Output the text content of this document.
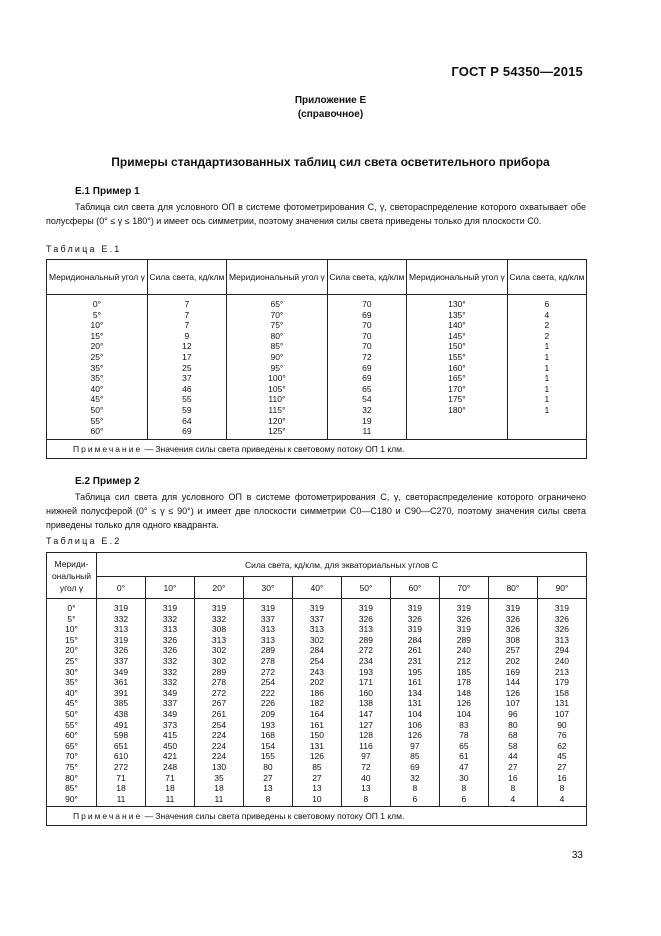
ГОСТ Р 54350—2015
Приложение Е
(справочное)
Примеры стандартизованных таблиц сил света осветительного прибора
Е.1 Пример 1
Таблица сил света для условного ОП в системе фотометрирования C, γ, светораспределение которого охватывает обе полусферы (0° ≤ γ ≤ 180°) и имеет ось симметрии, поэтому значения силы света приведены только для плоскости C0.
Таблица Е.1
Меридиональный угол γ	Сила света, кд/клм	Меридиональный угол γ	Сила света, кд/клм	Меридиональный угол γ	Сила света, кд/клм
0°	7	65°	70	130°	6
5°	7	70°	69	135°	4
10°	7	75°	70	140°	2
15°	9	80°	70	145°	2
20°	12	85°	70	150°	1
25°	17	90°	72	155°	1
35°	25	95°	69	160°	1
35°	37	100°	69	165°	1
40°	46	105°	65	170°	1
45°	55	110°	54	175°	1
50°	59	115°	32	180°	1
55°	64	120°	19		
60°	69	125°	11		
Примечание — Значения силы света приведены к световому потоку ОП 1 клм.					
Е.2 Пример 2
Таблица сил света для условного ОП в системе фотометрирования C, γ, светораспределение которого ограничено нижней полусферой (0° ≤ γ ≤ 90°) и имеет две плоскости симметрии C0—C180 и C90—C270, поэтому значения силы света приведены только для одного квадранта.
Таблица Е.2
Мериди-ональный угол γ	Сила света, кд/клм, для экваториальных углов C									
	0°	10°	20°	30°	40°	50°	60°	70°	80°	90°
0°	319	319	319	319	319	319	319	319	319	319
5°	332	332	332	337	337	326	326	326	326	326
10°	313	313	308	313	313	313	319	319	326	326
15°	319	326	313	313	302	289	284	289	308	313
20°	326	326	302	289	284	272	261	240	257	294
25°	337	332	302	278	254	234	231	212	202	240
30°	349	332	289	272	243	193	195	185	169	213
35°	361	332	278	254	202	171	161	178	144	179
40°	391	349	272	222	186	160	134	148	126	158
45°	385	337	267	226	182	138	131	126	107	131
50°	438	349	261	209	164	147	104	104	96	107
55°	491	373	254	193	161	127	106	83	80	90
60°	598	415	224	168	150	128	126	78	68	76
65°	651	450	224	154	131	116	97	65	58	62
70°	610	421	224	155	126	97	85	61	44	45
75°	272	248	130	80	85	72	69	47	27	27
80°	71	71	35	27	27	40	32	30	16	16
85°	18	18	18	13	13	13	8	8	8	8
90°	11	11	11	8	10	8	6	6	4	4
Примечание — Значения силы света приведены к световому потоку ОП 1 клм.										
33
